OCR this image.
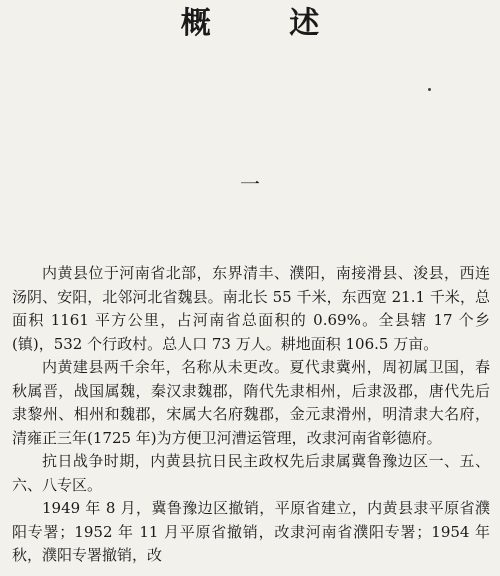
概 述
一

内黄县位于河南省北部，东界清丰、濮阳，南接滑县、浚县，西连汤阴、安阳，北邻河北省魏县。南北长 55 千米，东西宽 21.1 千米，总面积 1161 平方公里，占河南省总面积的 0.69%。全县辖 17 个乡(镇)，532 个行政村。总人口 73 万人。耕地面积 106.5 万亩。

内黄建县两千余年，名称从未更改。夏代隶冀州，周初属卫国，春秋属晋，战国属魏，秦汉隶魏郡，隋代先隶相州，后隶汲郡，唐代先后隶黎州、相州和魏郡，宋属大名府魏郡，金元隶滑州，明清隶大名府，清雍正三年(1725 年)为方便卫河漕运管理，改隶河南省彰德府。

抗日战争时期，内黄县抗日民主政权先后隶属冀鲁豫边区一、五、六、八专区。

1949 年 8 月，冀鲁豫边区撤销，平原省建立，内黄县隶平原省濮阳专署；1952 年 11 月平原省撤销，改隶河南省濮阳专署；1954 年秋，濮阳专署撤销，改
